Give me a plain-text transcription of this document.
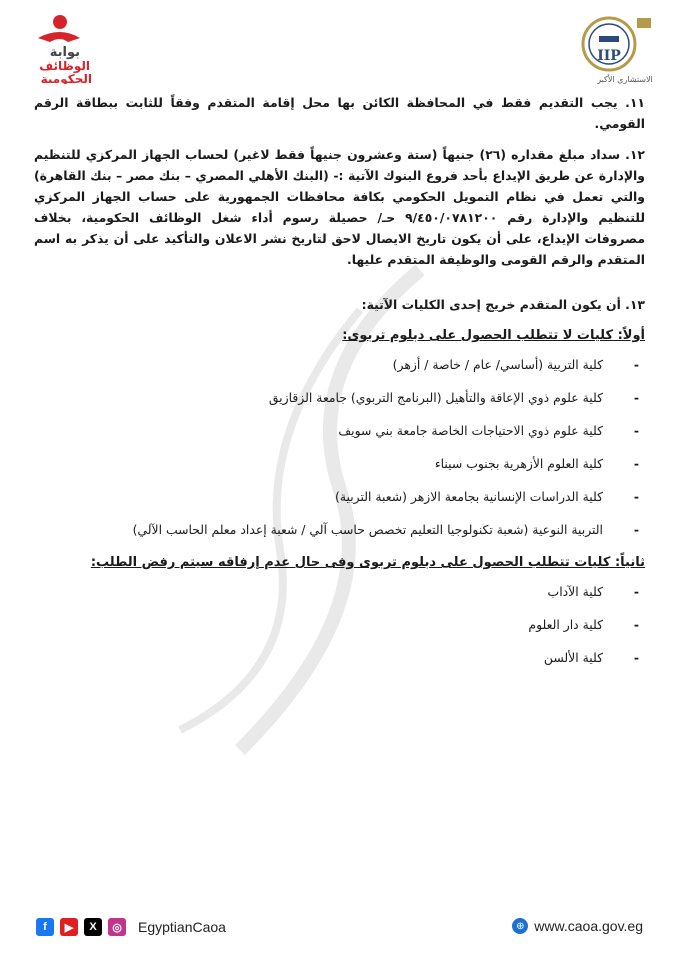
بوابة
الوظائف
الحكومية
IIP
الاستشاري الأكبر

١١. يجب التقديم فقط في المحافظة الكائن بها محل إقامة المتقدم وفقاً للثابت ببطاقة الرقم القومي.

١٢. سداد مبلغ مقداره (٢٦) جنيهاً (ستة وعشرون جنيهاً فقط لاغير) لحساب الجهاز المركزي للتنظيم والإدارة عن طريق الإيداع بأحد فروع البنوك الآتية :- (البنك الأهلي المصري – بنك مصر – بنك القاهرة) والتي تعمل في نظام التمويل الحكومي بكافة محافظات الجمهورية على حساب الجهاز المركزي للتنظيم والإدارة رقم ٩/٤٥٠/٠٧٨١٢٠٠ حـ/ حصيلة رسوم أداء شغل الوظائف الحكومية، بخلاف مصروفات الإيداع، على أن يكون تاريخ الايصال لاحق لتاريخ نشر الاعلان والتأكيد على أن يذكر به اسم المتقدم والرقم القومى والوظيفة المتقدم عليها.

١٣. أن يكون المتقدم خريج إحدى الكليات الآتية:

أولاً: كليات لا تتطلب الحصول على دبلوم تربوى:
- كلية التربية (أساسي/ عام / خاصة / أزهر)
- كلية علوم ذوي الإعاقة والتأهيل (البرنامج التربوي) جامعة الزقازيق
- كلية علوم ذوي الاحتياجات الخاصة جامعة بني سويف
- كلية العلوم الأزهرية بجنوب سيناء
- كلية الدراسات الإنسانية بجامعة الازهر (شعبة التربية)
- التربية النوعية (شعبة تكنولوجيا التعليم تخصص حاسب آلي / شعبة إعداد معلم الحاسب الآلي)
ثانياً: كليات تتطلب الحصول على دبلوم تربوى وفى حال عدم إرفاقه سيتم رفض الطلب:
- كلية الآداب
- كلية دار العلوم
- كلية الألسن
f	▶	X	◎	EgyptianCaoa	⊕ www.caoa.gov.eg
